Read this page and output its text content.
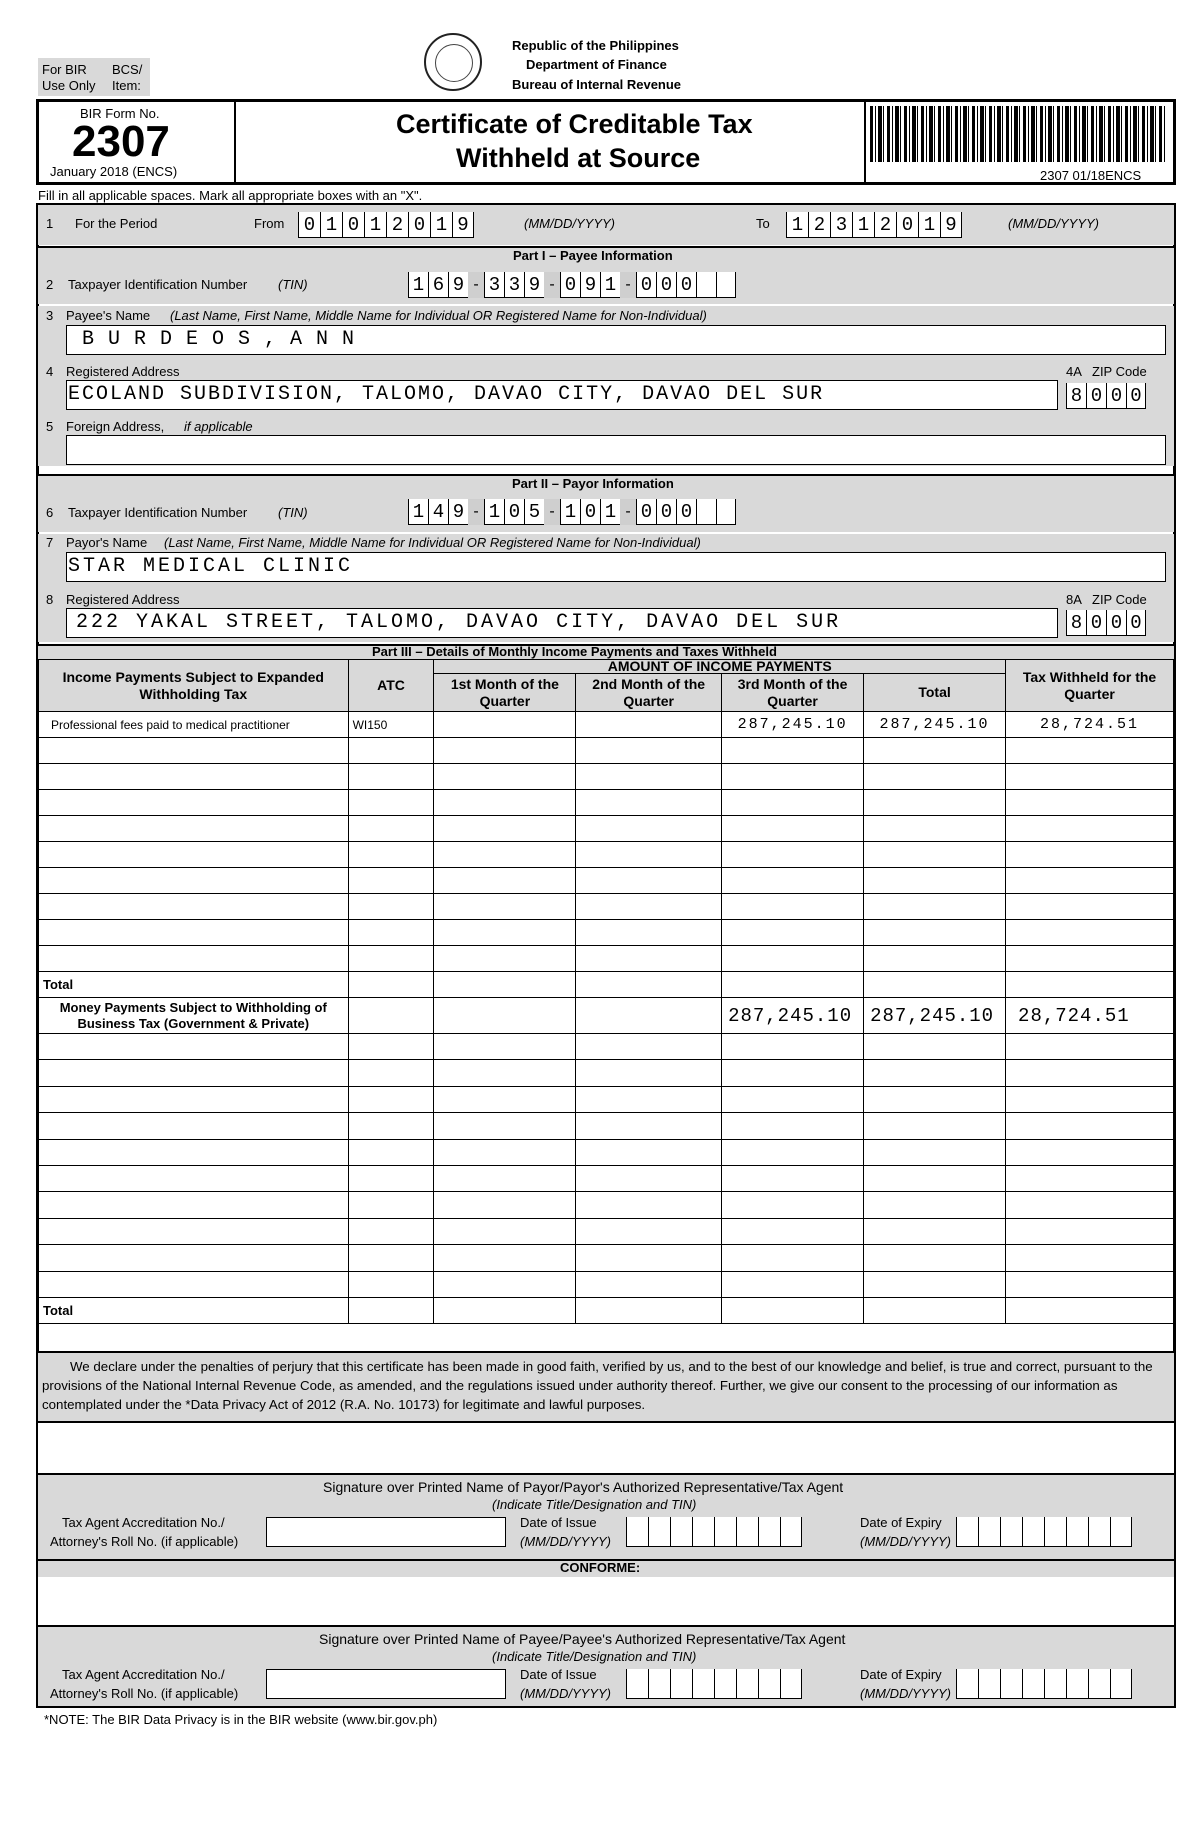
For BIR
Use Only
BCS/
Item:
Republic of the Philippines
Department of Finance
Bureau of Internal Revenue
BIR Form No.
2307
January 2018 (ENCS)
Certificate of Creditable Tax
Withheld at Source
2307 01/18ENCS
Fill in all applicable spaces. Mark all appropriate boxes with an "X".
1 For the Period	From	0 1 0 1 2 0 1 9	(MM/DD/YYYY)	To	1 2 3 1 2 0 1 9	(MM/DD/YYYY)
Part I – Payee Information
2 Taxpayer Identification Number (TIN)	1 6 9 - 3 3 9 - 0 9 1 - 0 0 0
3 Payee's Name (Last Name, First Name, Middle Name for Individual OR Registered Name for Non-Individual)
B U R D E O S , A N N
4 Registered Address	4A ZIP Code
ECOLAND SUBDIVISION, TALOMO, DAVAO CITY, DAVAO DEL SUR	8 0 0 0
5 Foreign Address, if applicable
Part II – Payor Information
6 Taxpayer Identification Number (TIN)	1 4 9 - 1 0 5 - 1 0 1 - 0 0 0
7 Payor's Name (Last Name, First Name, Middle Name for Individual OR Registered Name for Non-Individual)
STAR MEDICAL CLINIC
8 Registered Address	8A ZIP Code
222 YAKAL STREET, TALOMO, DAVAO CITY, DAVAO DEL SUR	8 0 0 0
Part III – Details of Monthly Income Payments and Taxes Withheld
Income Payments Subject to Expanded Withholding Tax	ATC	AMOUNT OF INCOME PAYMENTS				Tax Withheld for the Quarter
		1st Month of the Quarter	2nd Month of the Quarter	3rd Month of the Quarter	Total	
Professional fees paid to medical practitioner	WI150			287,245.10	287,245.10	28,724.51

Total						
Money Payments Subject to Withholding of Business Tax (Government & Private)				287,245.10	287,245.10	28,724.51

Total						
We declare under the penalties of perjury that this certificate has been made in good faith, verified by us, and to the best of our knowledge and belief, is true and correct, pursuant to the provisions of the National Internal Revenue Code, as amended, and the regulations issued under authority thereof. Further, we give our consent to the processing of our information as contemplated under the *Data Privacy Act of 2012 (R.A. No. 10173) for legitimate and lawful purposes.
Signature over Printed Name of Payor/Payor's Authorized Representative/Tax Agent
(Indicate Title/Designation and TIN)
Tax Agent Accreditation No./
Attorney's Roll No. (if applicable)
Date of Issue
(MM/DD/YYYY)
Date of Expiry
(MM/DD/YYYY)
CONFORME:
Signature over Printed Name of Payee/Payee's Authorized Representative/Tax Agent
(Indicate Title/Designation and TIN)
Tax Agent Accreditation No./
Attorney's Roll No. (if applicable)
Date of Issue
(MM/DD/YYYY)
Date of Expiry
(MM/DD/YYYY)
*NOTE: The BIR Data Privacy is in the BIR website (www.bir.gov.ph)
